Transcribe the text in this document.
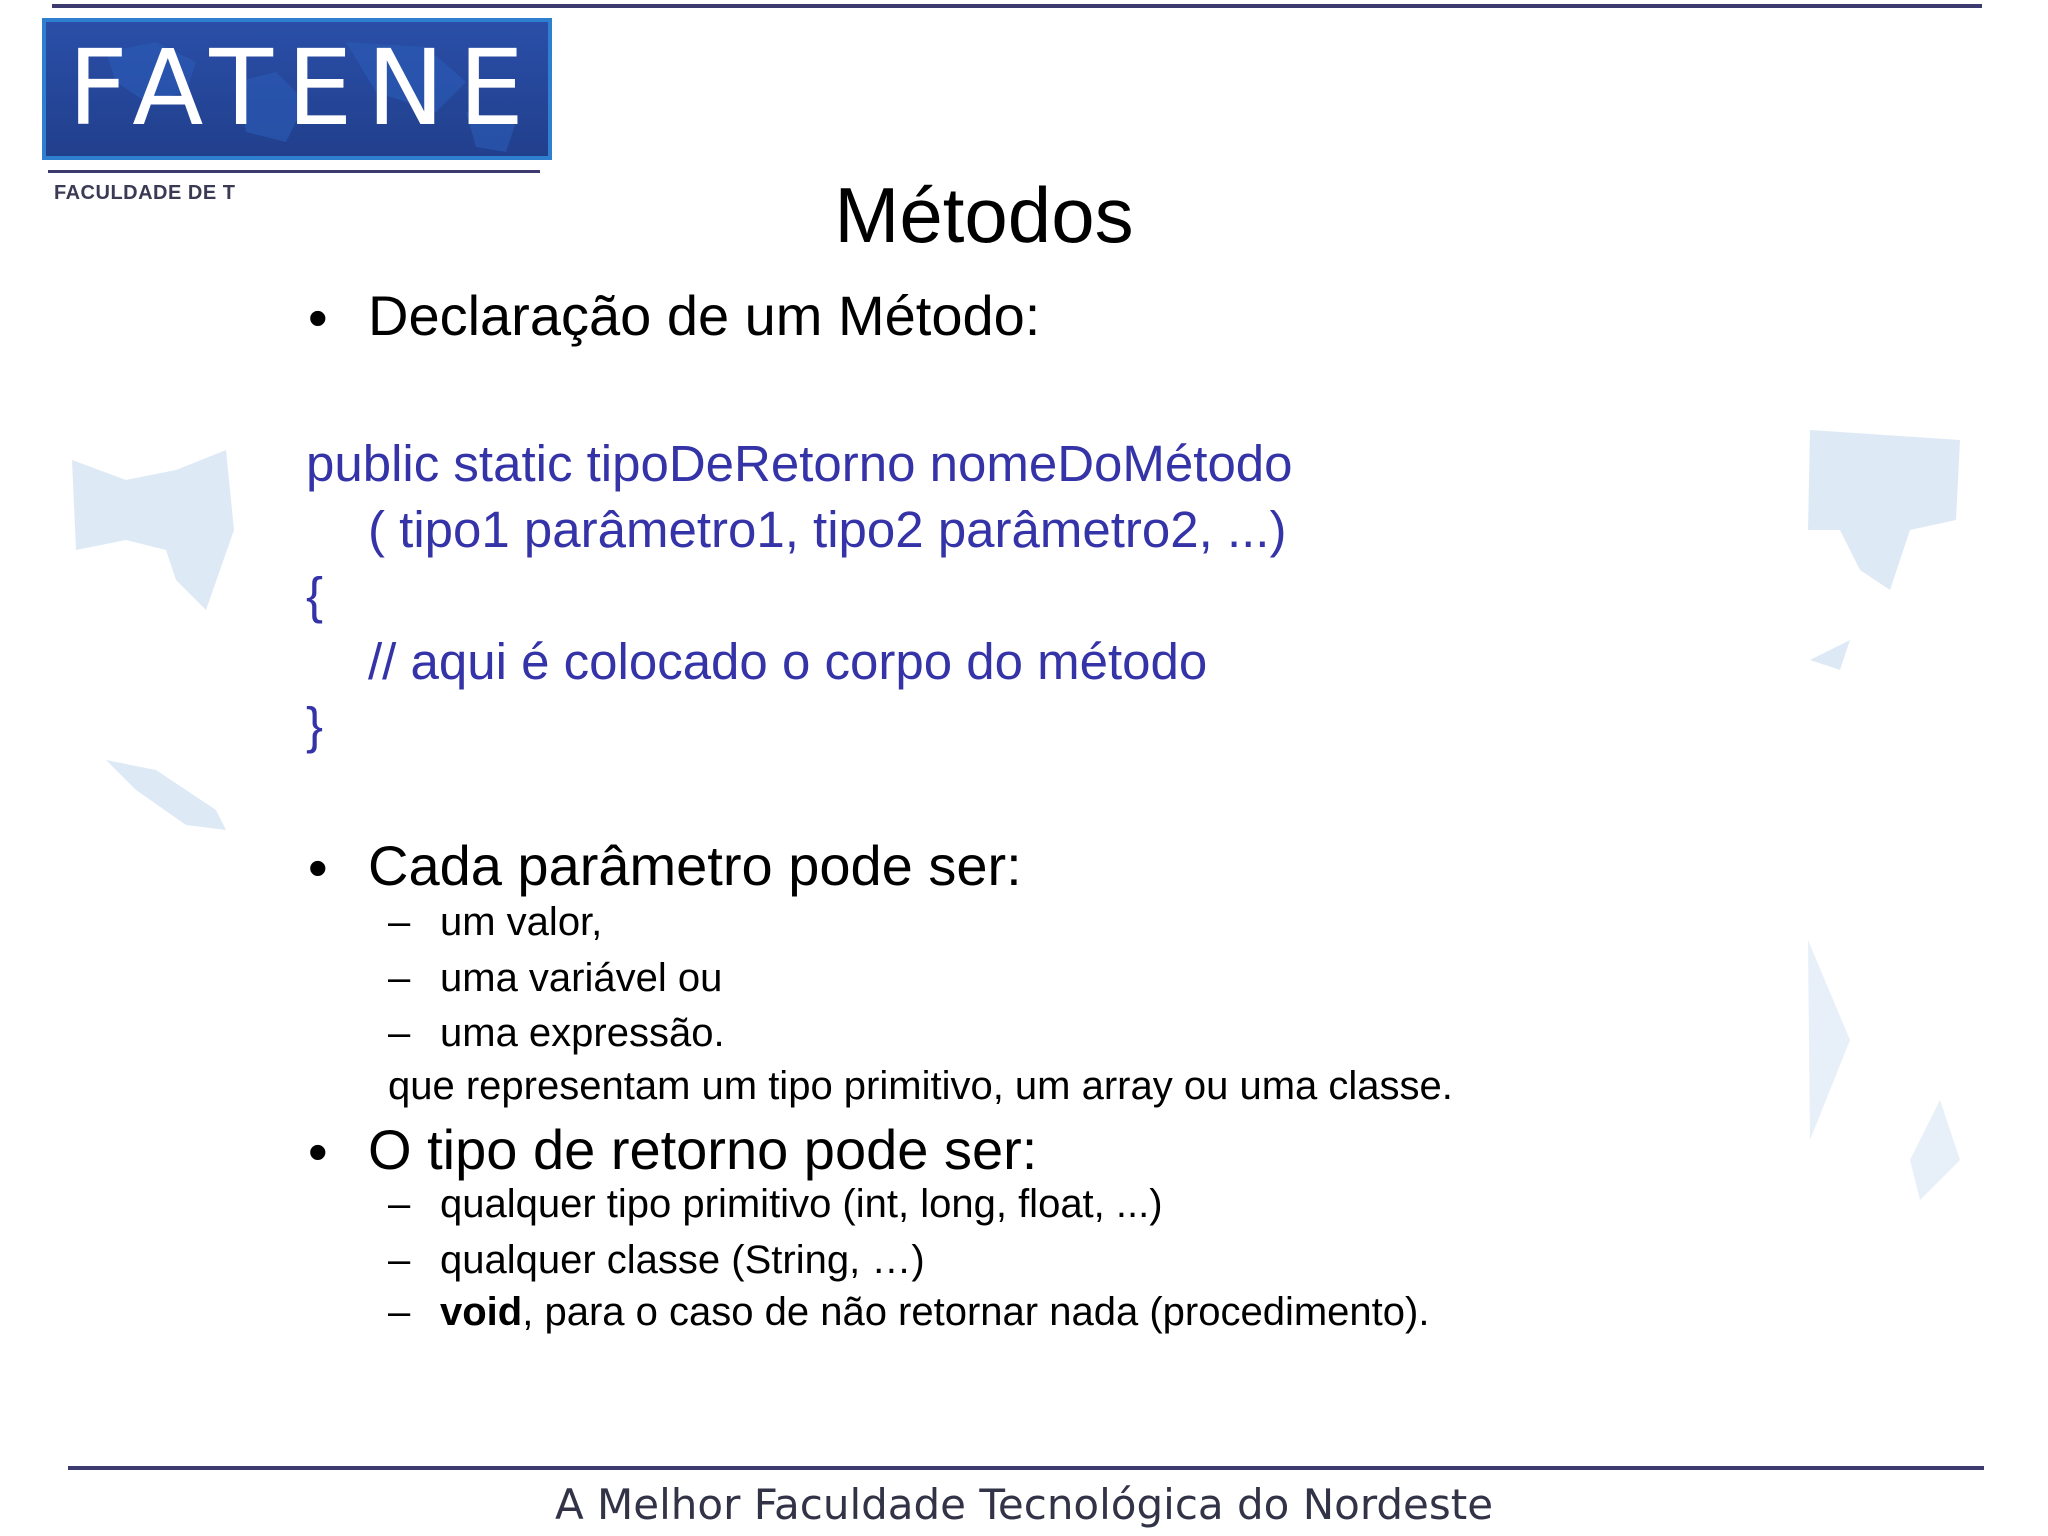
FATENE
FACULDADE DE T	Métodos
• Declaração de um Método:
public static tipoDeRetorno nomeDoMétodo
( tipo1 parâmetro1, tipo2 parâmetro2, ...)
{
// aqui é colocado o corpo do método
}
• Cada parâmetro pode ser:
– um valor,
– uma variável ou
– uma expressão.
que representam um tipo primitivo, um array ou uma classe.
• O tipo de retorno pode ser:
– qualquer tipo primitivo (int, long, float, ...)
– qualquer classe (String, …)
– void, para o caso de não retornar nada (procedimento).
A Melhor Faculdade Tecnológica do Nordeste
